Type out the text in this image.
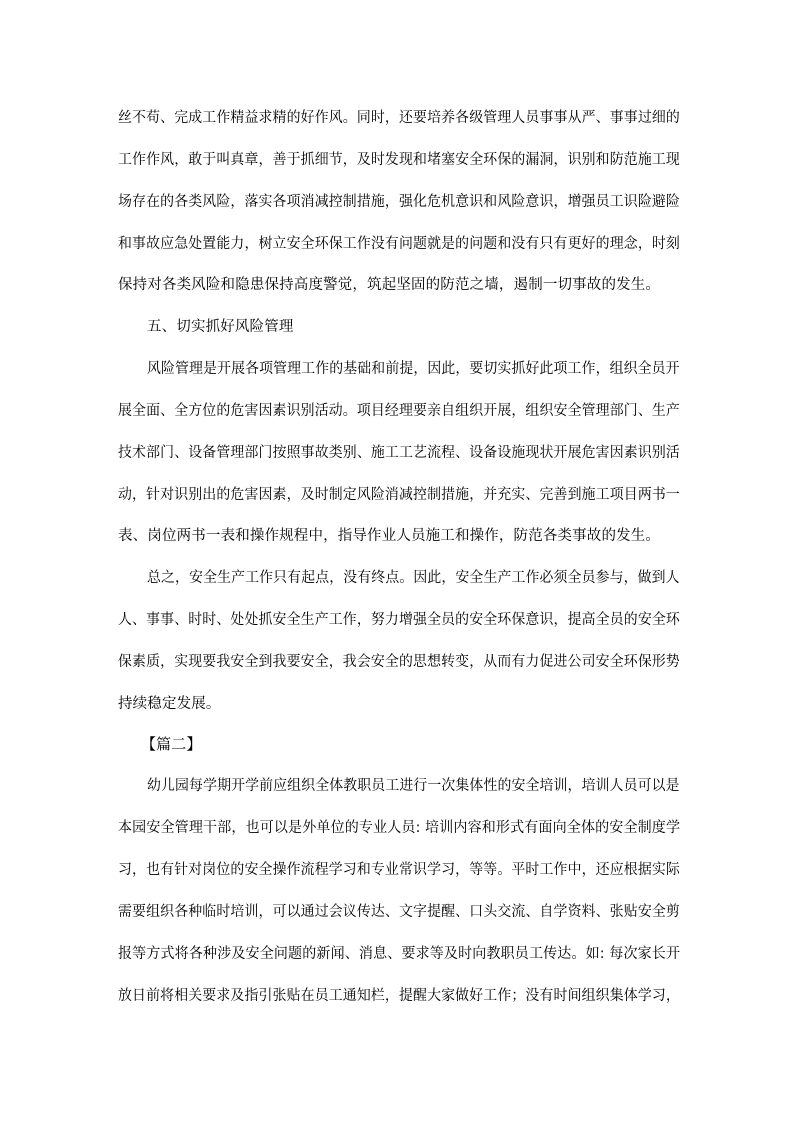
丝不苟、完成工作精益求精的好作风。同时，还要培养各级管理人员事事从严、事事过细的
工作作风，敢于叫真章，善于抓细节，及时发现和堵塞安全环保的漏洞，识别和防范施工现
场存在的各类风险，落实各项消减控制措施，强化危机意识和风险意识，增强员工识险避险
和事故应急处置能力，树立安全环保工作没有问题就是的问题和没有只有更好的理念，时刻
保持对各类风险和隐患保持高度警觉，筑起坚固的防范之墙，遏制一切事故的发生。
五、切实抓好风险管理
风险管理是开展各项管理工作的基础和前提，因此，要切实抓好此项工作，组织全员开
展全面、全方位的危害因素识别活动。项目经理要亲自组织开展，组织安全管理部门、生产
技术部门、设备管理部门按照事故类别、施工工艺流程、设备设施现状开展危害因素识别活
动，针对识别出的危害因素，及时制定风险消减控制措施，并充实、完善到施工项目两书一
表、岗位两书一表和操作规程中，指导作业人员施工和操作，防范各类事故的发生。
总之，安全生产工作只有起点，没有终点。因此，安全生产工作必须全员参与，做到人
人、事事、时时、处处抓安全生产工作，努力增强全员的安全环保意识，提高全员的安全环
保素质，实现要我安全到我要安全，我会安全的思想转变，从而有力促进公司安全环保形势
持续稳定发展。
【篇二】
幼儿园每学期开学前应组织全体教职员工进行一次集体性的安全培训，培训人员可以是
本园安全管理干部，也可以是外单位的专业人员: 培训内容和形式有面向全体的安全制度学
习，也有针对岗位的安全操作流程学习和专业常识学习，等等。平时工作中，还应根据实际
需要组织各种临时培训，可以通过会议传达、文字提醒、口头交流、自学资料、张贴安全剪
报等方式将各种涉及安全问题的新闻、消息、要求等及时向教职员工传达。如: 每次家长开
放日前将相关要求及指引张贴在员工通知栏，提醒大家做好工作；没有时间组织集体学习，
